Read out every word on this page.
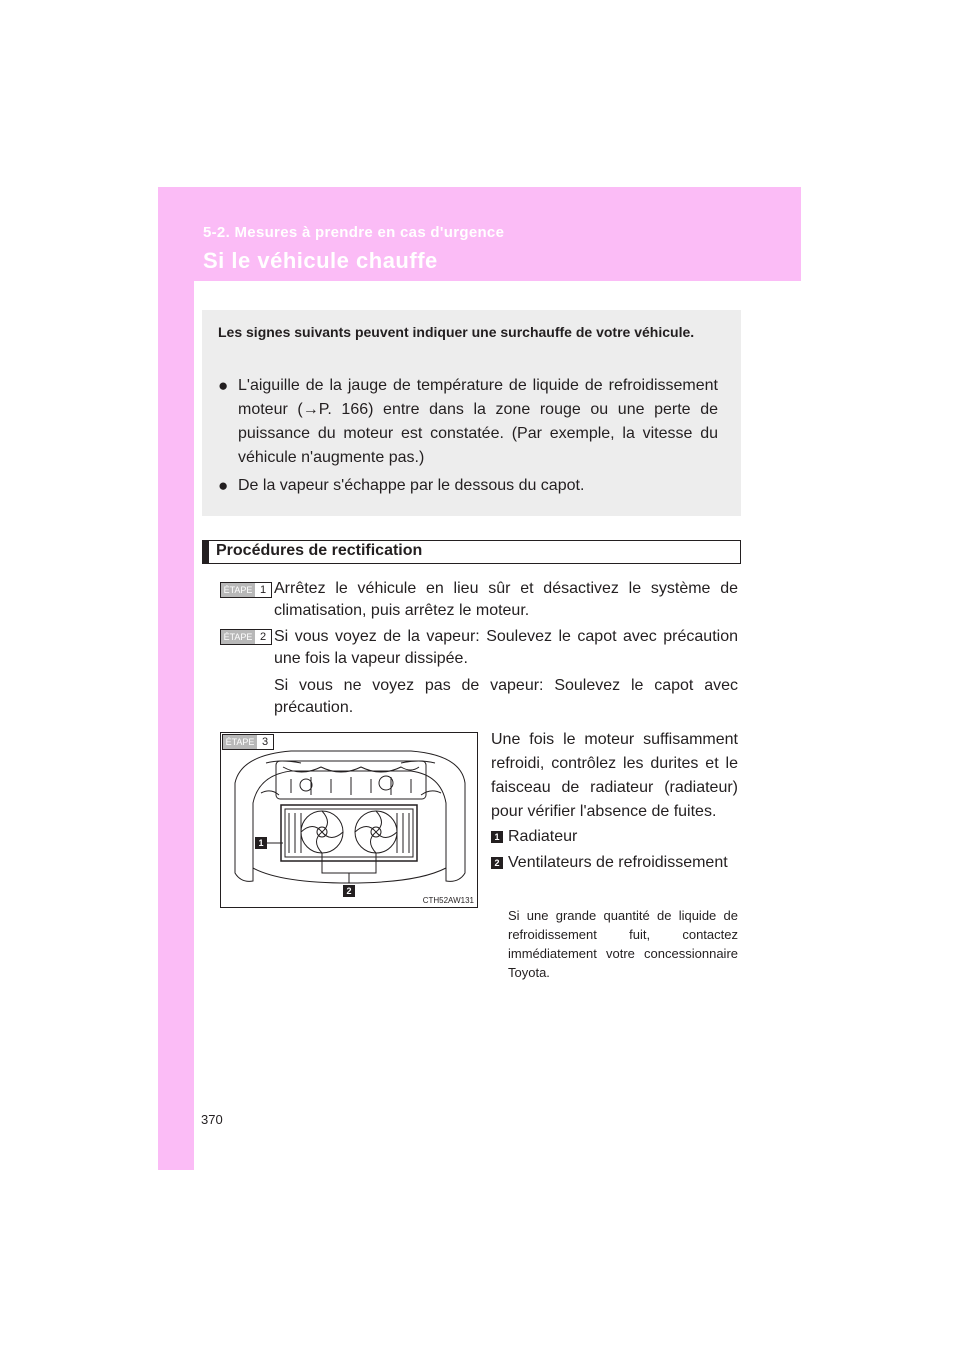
5-2. Mesures à prendre en cas d'urgence
Si le véhicule chauffe
Les signes suivants peuvent indiquer une surchauffe de votre véhicule.
● L'aiguille de la jauge de température de liquide de refroidissement moteur (→P. 166) entre dans la zone rouge ou une perte de puissance du moteur est constatée. (Par exemple, la vitesse du véhicule n'augmente pas.)
● De la vapeur s'échappe par le dessous du capot.
Procédures de rectification
ÉTAPE 1 Arrêtez le véhicule en lieu sûr et désactivez le système de climatisation, puis arrêtez le moteur.
ÉTAPE 2 Si vous voyez de la vapeur: Soulevez le capot avec précaution une fois la vapeur dissipée.
Si vous ne voyez pas de vapeur: Soulevez le capot avec précaution.
ÉTAPE 3
1
2
CTH52AW131
Une fois le moteur suffisamment refroidi, contrôlez les durites et le faisceau de radiateur (radiateur) pour vérifier l'absence de fuites.
1 Radiateur
2 Ventilateurs de refroidissement
Si une grande quantité de liquide de refroidissement fuit, contactez immédiatement votre concessionnaire Toyota.
370
